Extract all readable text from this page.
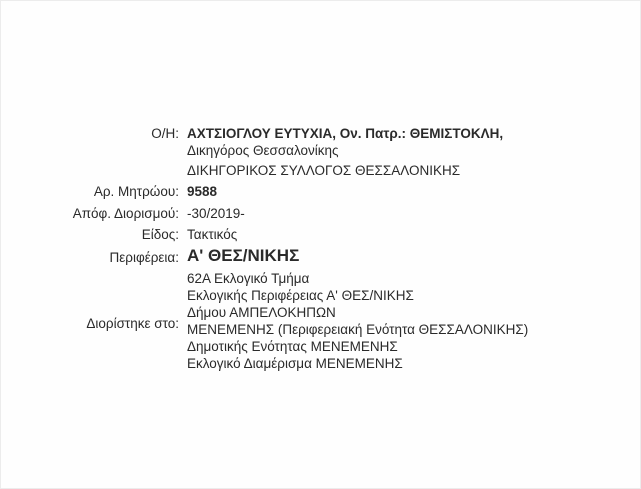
Ο/Η: ΑΧΤΣΙΟΓΛΟΥ ΕΥΤΥΧΙΑ, Ον. Πατρ.: ΘΕΜΙΣΤΟΚΛΗ,
Δικηγόρος Θεσσαλονίκης
ΔΙΚΗΓΟΡΙΚΟΣ ΣΥΛΛΟΓΟΣ ΘΕΣΣΑΛΟΝΙΚΗΣ
Αρ. Μητρώου: 9588
Απόφ. Διορισμού: -30/2019-
Είδος: Τακτικός
Περιφέρεια: Α' ΘΕΣ/ΝΙΚΗΣ
Διορίστηκε στο:
62Α Εκλογικό Τμήμα
Εκλογικής Περιφέρειας Α' ΘΕΣ/ΝΙΚΗΣ
Δήμου ΑΜΠΕΛΟΚΗΠΩΝ
ΜΕΝΕΜΕΝΗΣ (Περιφερειακή Ενότητα ΘΕΣΣΑΛΟΝΙΚΗΣ)
Δημοτικής Ενότητας ΜΕΝΕΜΕΝΗΣ
Εκλογικό Διαμέρισμα ΜΕΝΕΜΕΝΗΣ
